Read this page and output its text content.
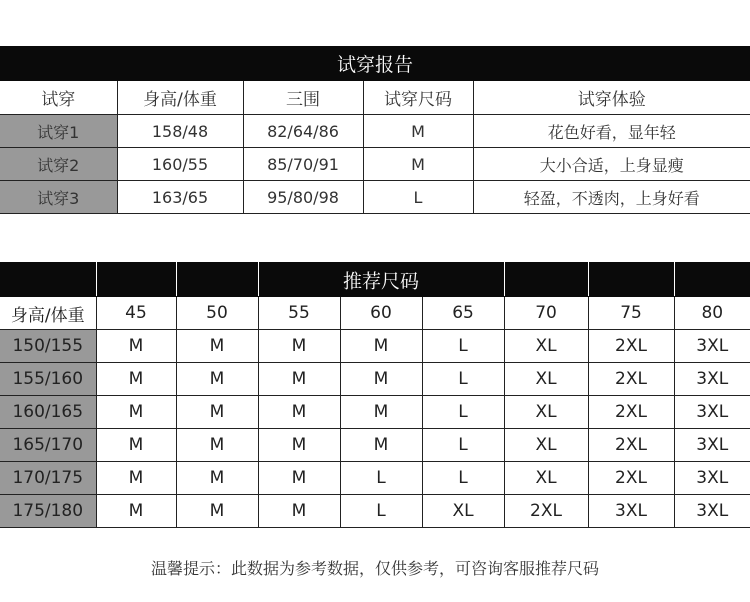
试穿报告				
试穿	身高/体重	三围	试穿尺码	试穿体验
试穿1	158/48	82/64/86	M	花色好看，显年轻
试穿2	160/55	85/70/91	M	大小合适，上身显瘦
试穿3	163/65	95/80/98	L	轻盈，不透肉，上身好看

			推荐尺码					

身高/体重	45	50	55	60	65	70	75	80
150/155	M	M	M	M	L	XL	2XL	3XL
155/160	M	M	M	M	L	XL	2XL	3XL
160/165	M	M	M	M	L	XL	2XL	3XL
165/170	M	M	M	M	L	XL	2XL	3XL
170/175	M	M	M	L	L	XL	2XL	3XL
175/180	M	M	M	L	XL	2XL	3XL	3XL
温馨提示：此数据为参考数据，仅供参考，可咨询客服推荐尺码
